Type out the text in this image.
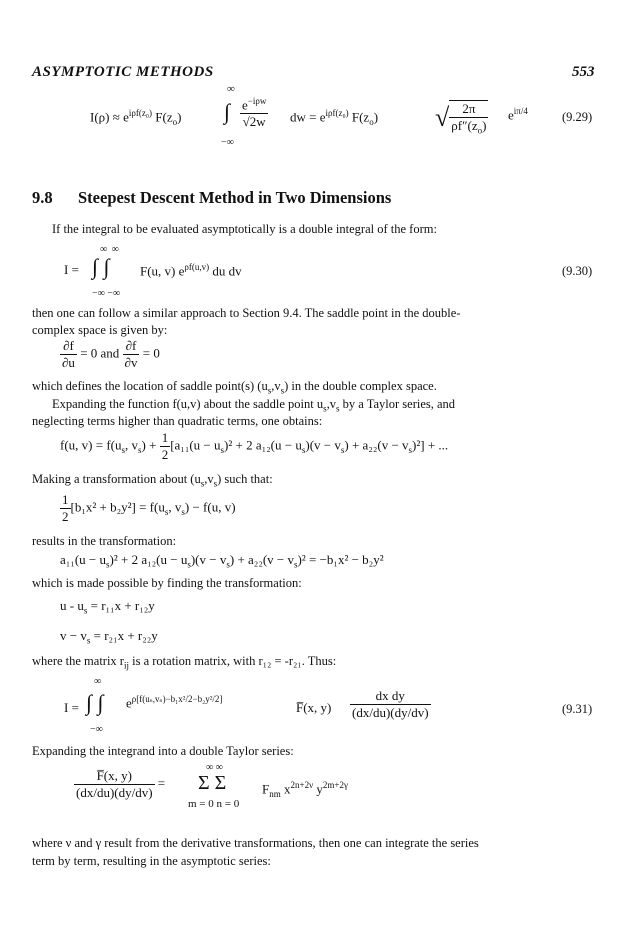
ASYMPTOTIC METHODS	553
$I(\rho) \approx e^{i\rho f(z_0)}$ $F(z_o)$
∞
∫
−∞
$\frac{e^{-i\rho w}}{√2w}$ dw = $e^{i\rho f(z_0)}$ $F(z_o)$ √ $\frac{2\pi}{\rho f''(z_o)} e^{i\pi/4}$	(9.29)
9.8 Steepest Descent Method in Two Dimensions
If the integral to be evaluated asymptotically is a double integral of the form:
∞ ∞
I = ∫ ∫
−∞ −∞
F(u, v) $e^{\rho f(u,v)}$ du dv	(9.30)
then one can follow a similar approach to Section 9.4. The saddle point in the double-
complex space is given by:
$\frac{\partial f}{\partial u} = 0$ and $\frac{\partial f}{\partial v} = 0$
which defines the location of saddle point(s) $(u_s,v_s)$ in the double complex space.
Expanding the function f(u,v) about the saddle point $u_s,v_s$ by a Taylor series, and
neglecting terms higher than quadratic terms, one obtains:
f(u, $v) = f(u_s$, $v_s) + \frac{1}{2} [a_{11}(u - u_s)^2 + 2$ $a_{12}(u - u_s)(v - v_s) + a_{22}(v - v_s)^2$] + ...
Making a transformation about $(u_s,v_s)$ such that:
$\frac{1}{2} [b_1x^2 + b_2y^2] = f(u_s$, $v_s) - f(u$, v)
results in the transformation:
$a_{11}(u - u_s)^2 + 2$ $a_{12}(u - u_s)(v - v_s) + a_{22}(v - v_s)^2 = -b_1x^2 - b_2y^2$
which is made possible by finding the transformation:
$u - u_s = r_{11}x + r_{12}y$
$v - v_s = r_{21}x + r_{22}y$
where the matrix $r_{ij}$ is a rotation matrix, with r₁₂ = -r₂₁. Thus:
∞
I = ∫ ∫
−∞
$e^{\rho[f(u_s,v_s)-b_1x^2/2-b_2y^2/2]}$
F̅(x, $y) \frac{\text{dx dy}}{(dx/du)(dy/dv)}$	(9.31)
Expanding the integrand into a double Taylor series:
$\frac{F̅(x, y)}{(dx/du)(dy/dv)}$ =
∞ ∞
Σ Σ
m = 0 n = 0
$F_{nm}$ $x^{2n+2\nu}$ $y^{2m+2\gamma}$
where ν and γ result from the derivative transformations, then one can integrate the series
term by term, resulting in the asymptotic series:
